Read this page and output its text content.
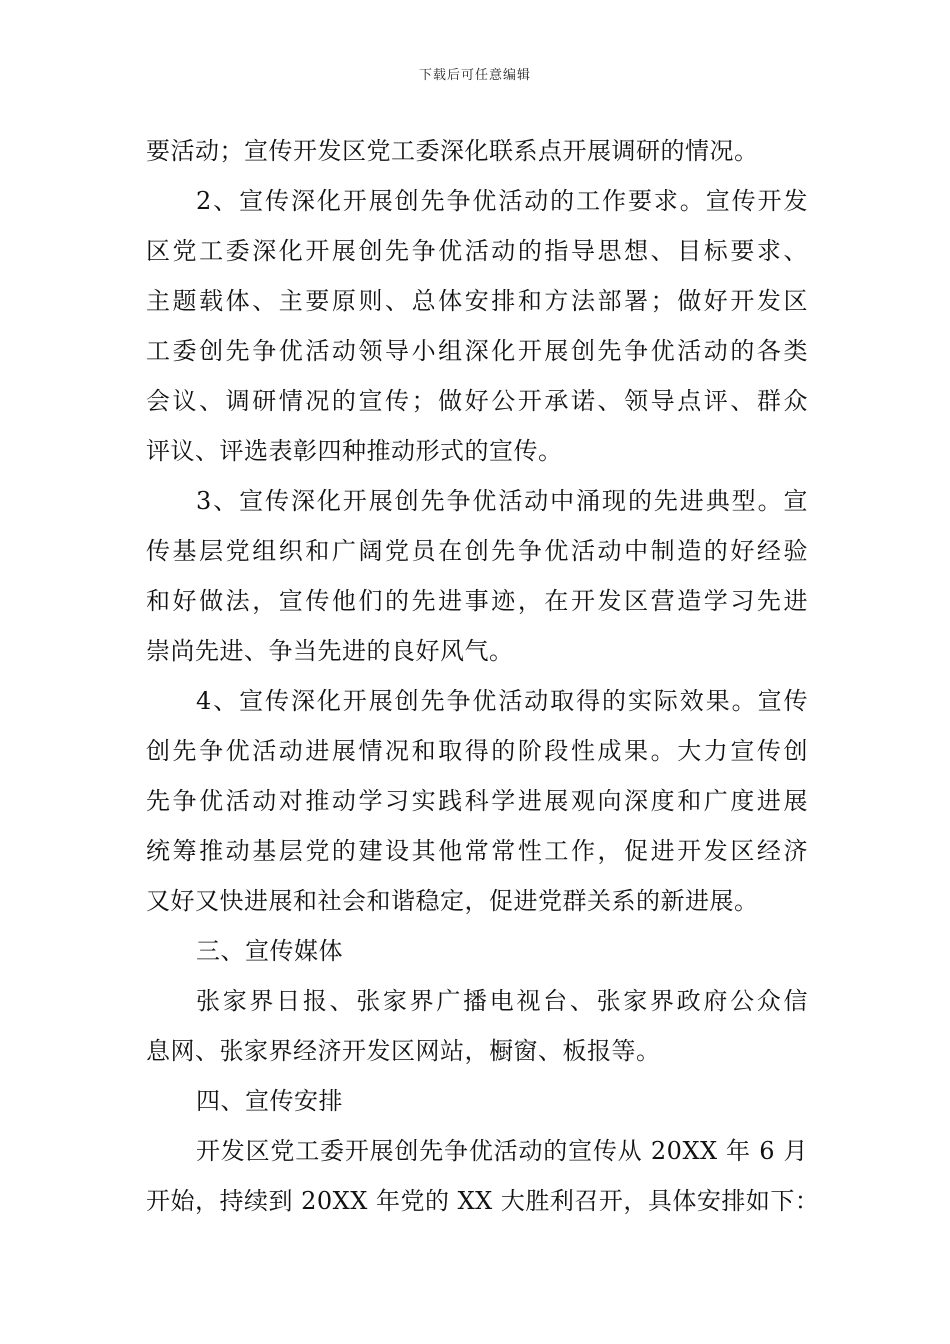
下载后可任意编辑

要活动；宣传开发区党工委深化联系点开展调研的情况。

2、宣传深化开展创先争优活动的工作要求。宣传开发
区党工委深化开展创先争优活动的指导思想、目标要求、
主题载体、主要原则、总体安排和方法部署；做好开发区
工委创先争优活动领导小组深化开展创先争优活动的各类
会议、调研情况的宣传；做好公开承诺、领导点评、群众
评议、评选表彰四种推动形式的宣传。

3、宣传深化开展创先争优活动中涌现的先进典型。宣
传基层党组织和广阔党员在创先争优活动中制造的好经验
和好做法，宣传他们的先进事迹，在开发区营造学习先进
崇尚先进、争当先进的良好风气。

4、宣传深化开展创先争优活动取得的实际效果。宣传
创先争优活动进展情况和取得的阶段性成果。大力宣传创
先争优活动对推动学习实践科学进展观向深度和广度进展
统筹推动基层党的建设其他常常性工作，促进开发区经济
又好又快进展和社会和谐稳定，促进党群关系的新进展。

三、宣传媒体

张家界日报、张家界广播电视台、张家界政府公众信
息网、张家界经济开发区网站，橱窗、板报等。

四、宣传安排

开发区党工委开展创先争优活动的宣传从 20XX 年 6 月
开始，持续到 20XX 年党的 XX 大胜利召开，具体安排如下：
